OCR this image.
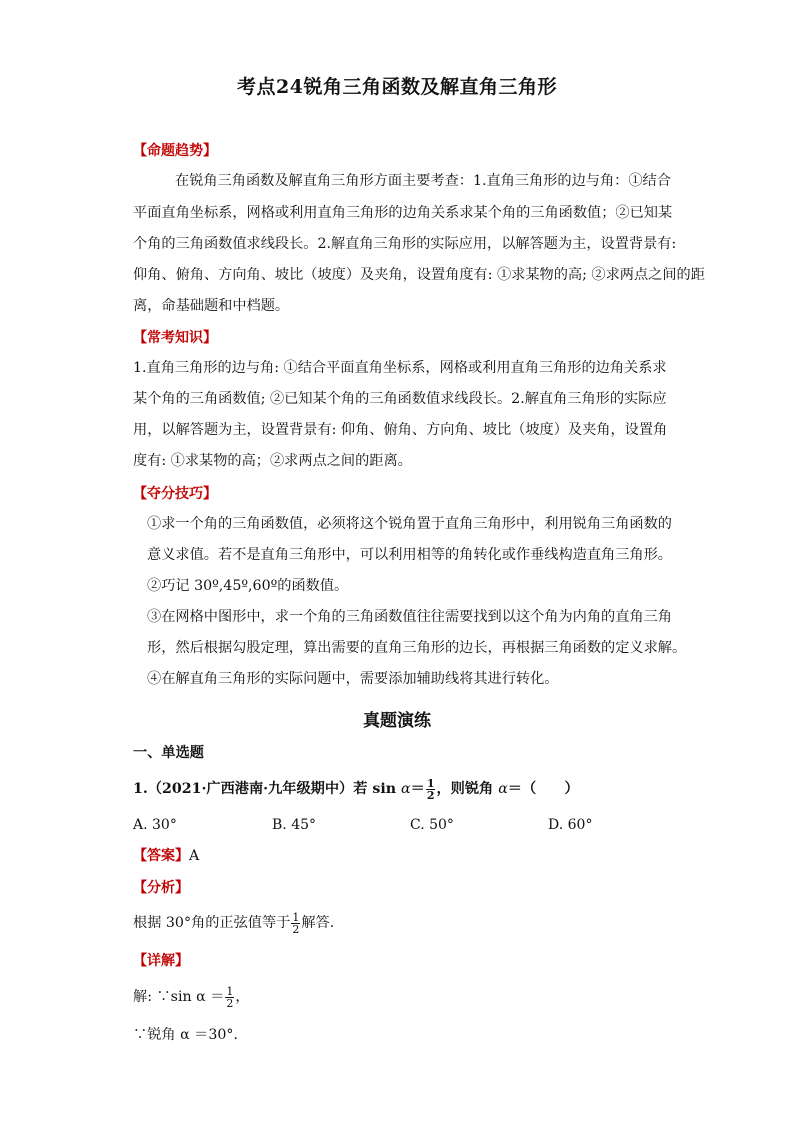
考点24锐角三角函数及解直角三角形
【命题趋势】
在锐角三角函数及解直角三角形方面主要考查：1.直角三角形的边与角：①结合
平面直角坐标系，网格或利用直角三角形的边角关系求某个角的三角函数值；②已知某
个角的三角函数值求线段长。2.解直角三角形的实际应用，以解答题为主，设置背景有:
仰角、俯角、方向角、坡比（坡度）及夹角，设置角度有: ①求某物的高; ②求两点之间的距
离，命基础题和中档题。
【常考知识】
1.直角三角形的边与角: ①结合平面直角坐标系，网格或利用直角三角形的边角关系求
某个角的三角函数值; ②已知某个角的三角函数值求线段长。2.解直角三角形的实际应
用，以解答题为主，设置背景有: 仰角、俯角、方向角、坡比（坡度）及夹角，设置角
度有: ①求某物的高；②求两点之间的距离。
【夺分技巧】
①求一个角的三角函数值，必须将这个锐角置于直角三角形中，利用锐角三角函数的
意义求值。若不是直角三角形中，可以利用相等的角转化或作垂线构造直角三角形。
②巧记 30º,45º,60º的函数值。
③在网格中图形中，求一个角的三角函数值往往需要找到以这个角为内角的直角三角
形，然后根据勾股定理，算出需要的直角三角形的边长，再根据三角函数的定义求解。
④在解直角三角形的实际问题中，需要添加辅助线将其进行转化。
真题演练
一、单选题
1.（2021·广西港南·九年级期中）若 $\sin \alpha= \frac{1}{2}$ ，则锐角 α＝（　　）
A. 30°	B. 45°	C. 50°	D. 60°
【答案】A
【分析】
根据 30°角的正弦值等于 $\frac{1}{2}$ 解答.
【详解】
解: ∵sin $\alpha = \frac{1}{2}$ ，
∵锐角 α ＝30°.
